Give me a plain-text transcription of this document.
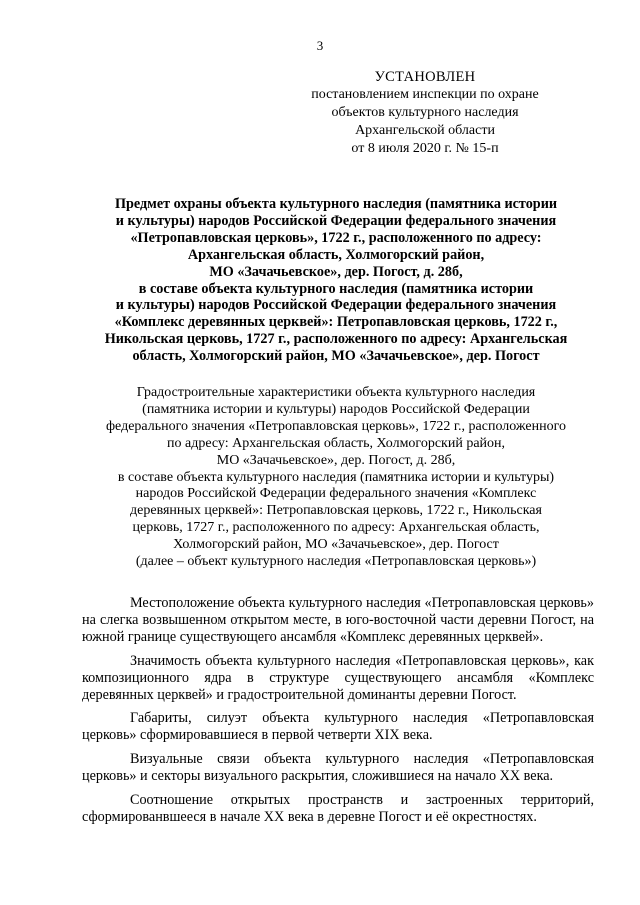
3
УСТАНОВЛЕН
постановлением инспекции по охране
объектов культурного наследия
Архангельской области
от 8 июля 2020 г. № 15-п
Предмет охраны объекта культурного наследия (памятника истории
и культуры) народов Российской Федерации федерального значения
«Петропавловская церковь», 1722 г., расположенного по адресу:
Архангельская область, Холмогорский район,
МО «Зачачьевское», дер. Погост, д. 28б,
в составе объекта культурного наследия (памятника истории
и культуры) народов Российской Федерации федерального значения
«Комплекс деревянных церквей»: Петропавловская церковь, 1722 г.,
Никольская церковь, 1727 г., расположенного по адресу: Архангельская
область, Холмогорский район, МО «Зачачьевское», дер. Погост
Градостроительные характеристики объекта культурного наследия
(памятника истории и культуры) народов Российской Федерации
федерального значения «Петропавловская церковь», 1722 г., расположенного
по адресу: Архангельская область, Холмогорский район,
МО «Зачачьевское», дер. Погост, д. 28б,
в составе объекта культурного наследия (памятника истории и культуры)
народов Российской Федерации федерального значения «Комплекс
деревянных церквей»: Петропавловская церковь, 1722 г., Никольская
церковь, 1727 г., расположенного по адресу: Архангельская область,
Холмогорский район, МО «Зачачьевское», дер. Погост
(далее – объект культурного наследия «Петропавловская церковь»)

Местоположение объекта культурного наследия «Петропавловская церковь» на слегка возвышенном открытом месте, в юго-восточной части деревни Погост, на южной границе существующего ансамбля «Комплекс деревянных церквей».

Значимость объекта культурного наследия «Петропавловская церковь», как композиционного ядра в структуре существующего ансамбля «Комплекс деревянных церквей» и градостроительной доминанты деревни Погост.

Габариты, силуэт объекта культурного наследия «Петропавловская церковь» сформировавшиеся в первой четверти XIX века.

Визуальные связи объекта культурного наследия «Петропавловская церковь» и секторы визуального раскрытия, сложившиеся на начало XX века.

Соотношение открытых пространств и застроенных территорий, сформированвшееся в начале XX века в деревне Погост и её окрестностях.
